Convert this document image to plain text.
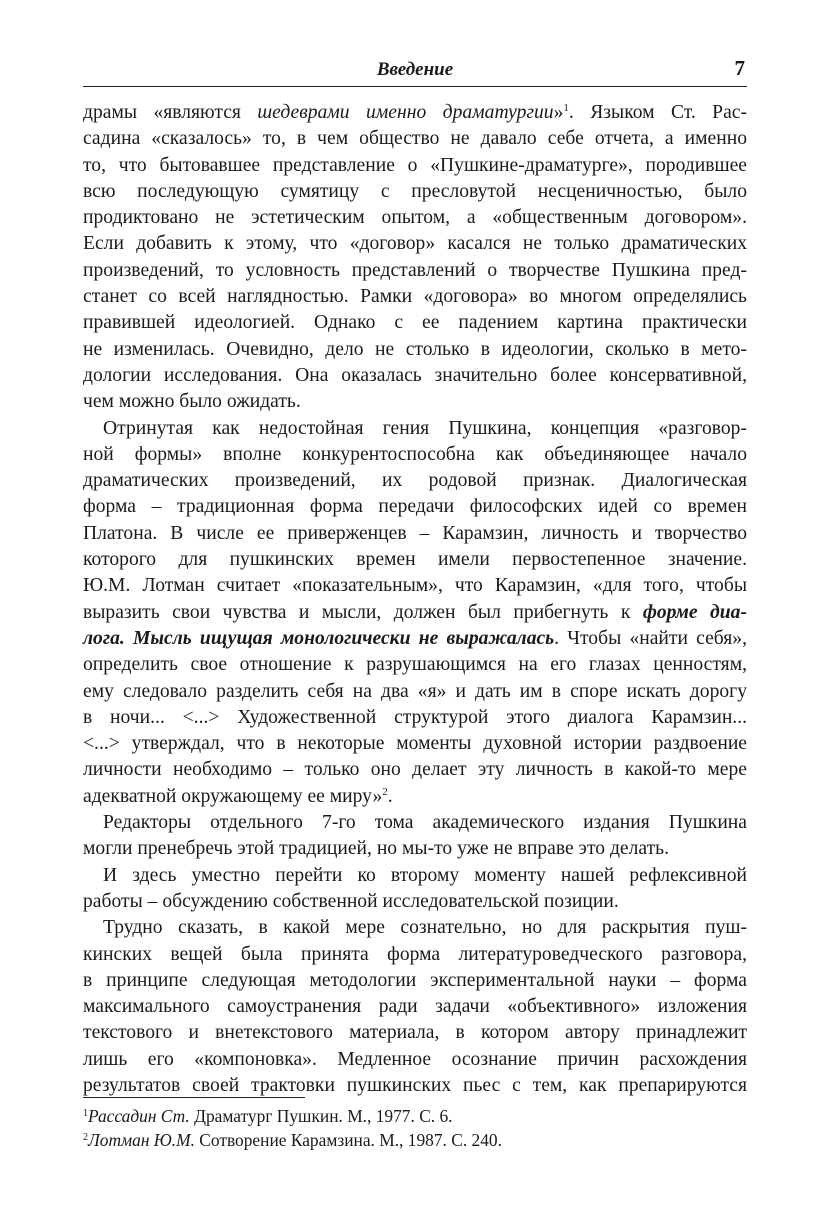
Введение	7
драмы «являются шедеврами именно драматургии»$^1$. Языком Ст. Рас-
садина «сказалось» то, в чем общество не давало себе отчета, а именно
то, что бытовавшее представление о «Пушкине-драматурге», породившее
всю последующую сумятицу с пресловутой несценичностью, было
продиктовано не эстетическим опытом, а «общественным договором».
Если добавить к этому, что «договор» касался не только драматических
произведений, то условность представлений о творчестве Пушкина пред-
станет со всей наглядностью. Рамки «договора» во многом определялись
правившей идеологией. Однако с ее падением картина практически
не изменилась. Очевидно, дело не столько в идеологии, сколько в мето-
дологии исследования. Она оказалась значительно более консервативной,
чем можно было ожидать.
Отринутая как недостойная гения Пушкина, концепция «разговор-
ной формы» вполне конкурентоспособна как объединяющее начало
драматических произведений, их родовой признак. Диалогическая
форма – традиционная форма передачи философских идей со времен
Платона. В числе ее приверженцев – Карамзин, личность и творчество
которого для пушкинских времен имели первостепенное значение.
Ю.М. Лотман считает «показательным», что Карамзин, «для того, чтобы
выразить свои чувства и мысли, должен был прибегнуть к форме диа-
лога. Мысль ищущая монологически не выражалась. Чтобы «найти себя»,
определить свое отношение к разрушающимся на его глазах ценностям,
ему следовало разделить себя на два «я» и дать им в споре искать дорогу
в ночи... <...> Художественной структурой этого диалога Карамзин...
<...> утверждал, что в некоторые моменты духовной истории раздвоение
личности необходимо – только оно делает эту личность в какой-то мере
адекватной окружающему ее миру»$^2$.
Редакторы отдельного 7-го тома академического издания Пушкина
могли пренебречь этой традицией, но мы-то уже не вправе это делать.
И здесь уместно перейти ко второму моменту нашей рефлексивной
работы – обсуждению собственной исследовательской позиции.
Трудно сказать, в какой мере сознательно, но для раскрытия пуш-
кинских вещей была принята форма литературоведческого разговора,
в принципе следующая методологии экспериментальной науки – форма
максимального самоустранения ради задачи «объективного» изложения
текстового и внетекстового материала, в котором автору принадлежит
лишь его «компоновка». Медленное осознание причин расхождения
результатов своей трактовки пушкинских пьес с тем, как препарируются
$^1$Рассадин Ст. Драматург Пушкин. М., 1977. С. 6.
$^2$Лотман Ю.М. Сотворение Карамзина. М., 1987. С. 240.
